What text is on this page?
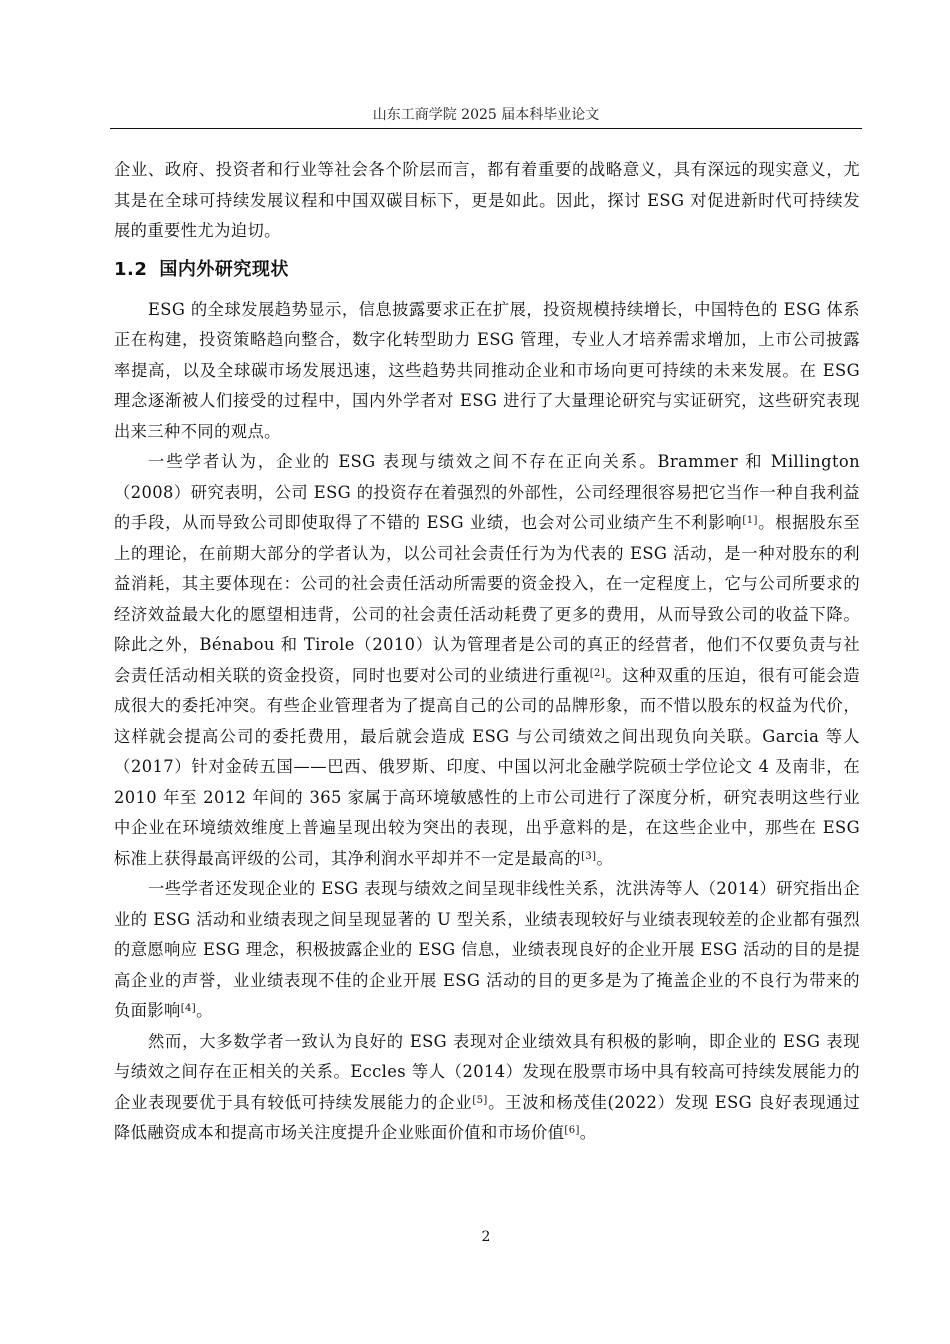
山东工商学院 2025 届本科毕业论文

企业、政府、投资者和行业等社会各个阶层而言，都有着重要的战略意义，具有深远的现实意义，尤其是在全球可持续发展议程和中国双碳目标下，更是如此。因此，探讨 ESG 对促进新时代可持续发展的重要性尤为迫切。

1.2 国内外研究现状

ESG 的全球发展趋势显示，信息披露要求正在扩展，投资规模持续增长，中国特色的 ESG 体系正在构建，投资策略趋向整合，数字化转型助力 ESG 管理，专业人才培养需求增加，上市公司披露率提高，以及全球碳市场发展迅速，这些趋势共同推动企业和市场向更可持续的未来发展。在 ESG 理念逐渐被人们接受的过程中，国内外学者对 ESG 进行了大量理论研究与实证研究，这些研究表现出来三种不同的观点。

一些学者认为，企业的 ESG 表现与绩效之间不存在正向关系。Brammer 和 Millington（2008）研究表明，公司 ESG 的投资存在着强烈的外部性，公司经理很容易把它当作一种自我利益的手段，从而导致公司即使取得了不错的 ESG 业绩，也会对公司业绩产生不利影响[1]。根据股东至上的理论，在前期大部分的学者认为，以公司社会责任行为为代表的 ESG 活动，是一种对股东的利益消耗，其主要体现在：公司的社会责任活动所需要的资金投入，在一定程度上，它与公司所要求的经济效益最大化的愿望相违背，公司的社会责任活动耗费了更多的费用，从而导致公司的收益下降。除此之外，Bénabou 和 Tirole（2010）认为管理者是公司的真正的经营者，他们不仅要负责与社会责任活动相关联的资金投资，同时也要对公司的业绩进行重视[2]。这种双重的压迫，很有可能会造成很大的委托冲突。有些企业管理者为了提高自己的公司的品牌形象，而不惜以股东的权益为代价，这样就会提高公司的委托费用，最后就会造成 ESG 与公司绩效之间出现负向关联。Garcia 等人（2017）针对金砖五国——巴西、俄罗斯、印度、中国以河北金融学院硕士学位论文 4 及南非，在 2010 年至 2012 年间的 365 家属于高环境敏感性的上市公司进行了深度分析，研究表明这些行业中企业在环境绩效维度上普遍呈现出较为突出的表现，出乎意料的是，在这些企业中，那些在 ESG 标准上获得最高评级的公司，其净利润水平却并不一定是最高的[3]。

一些学者还发现企业的 ESG 表现与绩效之间呈现非线性关系，沈洪涛等人（2014）研究指出企业的 ESG 活动和业绩表现之间呈现显著的 U 型关系，业绩表现较好与业绩表现较差的企业都有强烈的意愿响应 ESG 理念，积极披露企业的 ESG 信息，业绩表现良好的企业开展 ESG 活动的目的是提高企业的声誉，业业绩表现不佳的企业开展 ESG 活动的目的更多是为了掩盖企业的不良行为带来的负面影响[4]。

然而，大多数学者一致认为良好的 ESG 表现对企业绩效具有积极的影响，即企业的 ESG 表现与绩效之间存在正相关的关系。Eccles 等人（2014）发现在股票市场中具有较高可持续发展能力的企业表现要优于具有较低可持续发展能力的企业[5]。王波和杨茂佳(2022）发现 ESG 良好表现通过降低融资成本和提高市场关注度提升企业账面价值和市场价值[6]。

2
